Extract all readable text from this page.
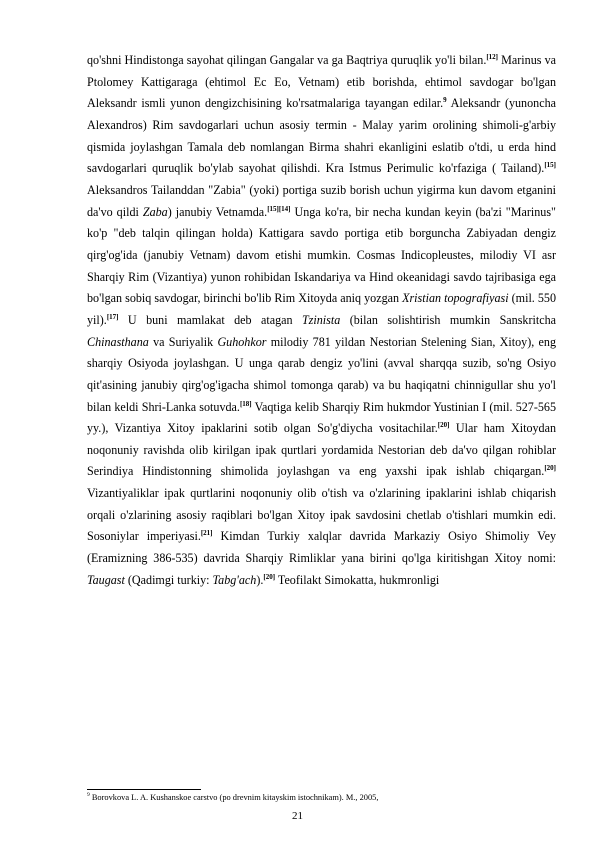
qo'shni Hindistonga sayohat qilingan Gangalar va ga Baqtriya quruqlik yo'li bilan.[12] Marinus va Ptolomey Kattigaraga (ehtimol Ec Eo, Vetnam) etib borishda, ehtimol savdogar bo'lgan Aleksandr ismli yunon dengizchisining ko'rsatmalariga tayangan edilar.$^9$ Aleksandr (yunoncha Alexandros) Rim savdogarlari uchun asosiy termin - Malay yarim orolining shimoli-g'arbiy qismida joylashgan Tamala deb nomlangan Birma shahri ekanligini eslatib o'tdi, u erda hind savdogarlari quruqlik bo'ylab sayohat qilishdi. Kra Istmus Perimulic ko'rfaziga ( Tailand).[15] Aleksandros Tailanddan "Zabia" (yoki) portiga suzib borish uchun yigirma kun davom etganini da'vo qildi Zaba) janubiy Vetnamda.[15][14] Unga ko'ra, bir necha kundan keyin (ba'zi "Marinus" ko'p "deb talqin qilingan holda) Kattigara savdo portiga etib borguncha Zabiyadan dengiz qirg'og'ida (janubiy Vetnam) davom etishi mumkin. Cosmas Indicopleustes, milodiy VI asr Sharqiy Rim (Vizantiya) yunon rohibidan Iskandariya va Hind okeanidagi savdo tajribasiga ega bo'lgan sobiq savdogar, birinchi bo'lib Rim Xitoyda aniq yozgan Xristian topografiyasi (mil. 550 yil).[17] U buni mamlakat deb atagan Tzinista (bilan solishtirish mumkin Sanskritcha Chinasthana va Suriyalik Guhohkor milodiy 781 yildan Nestorian Stelening Sian, Xitoy), eng sharqiy Osiyoda joylashgan. U unga qarab dengiz yo'lini (avval sharqqa suzib, so'ng Osiyo qit'asining janubiy qirg'og'igacha shimol tomonga qarab) va bu haqiqatni chinnigullar shu yo'l bilan keldi Shri-Lanka sotuvda.[18] Vaqtiga kelib Sharqiy Rim hukmdor Yustinian I (mil. 527-565 yy.), Vizantiya Xitoy ipaklarini sotib olgan So'g'diycha vositachilar.[20] Ular ham Xitoydan noqonuniy ravishda olib kirilgan ipak qurtlari yordamida Nestorian deb da'vo qilgan rohiblar Serindiya Hindistonning shimolida joylashgan va eng yaxshi ipak ishlab chiqargan.[20] Vizantiyaliklar ipak qurtlarini noqonuniy olib o'tish va o'zlarining ipaklarini ishlab chiqarish orqali o'zlarining asosiy raqiblari bo'lgan Xitoy ipak savdosini chetlab o'tishlari mumkin edi. Sosoniylar imperiyasi.[21] Kimdan Turkiy xalqlar davrida Markaziy Osiyo Shimoliy Vey (Eramizning 386-535) davrida Sharqiy Rimliklar yana birini qo'lga kiritishgan Xitoy nomi: Taugast (Qadimgi turkiy: Tabg'ach).[20] Teofilakt Simokatta, hukmronligi

$^9$ Borovkova L. A. Kushanskoe carstvo (po drevnim kitayskim istochnikam). M., 2005,
21
